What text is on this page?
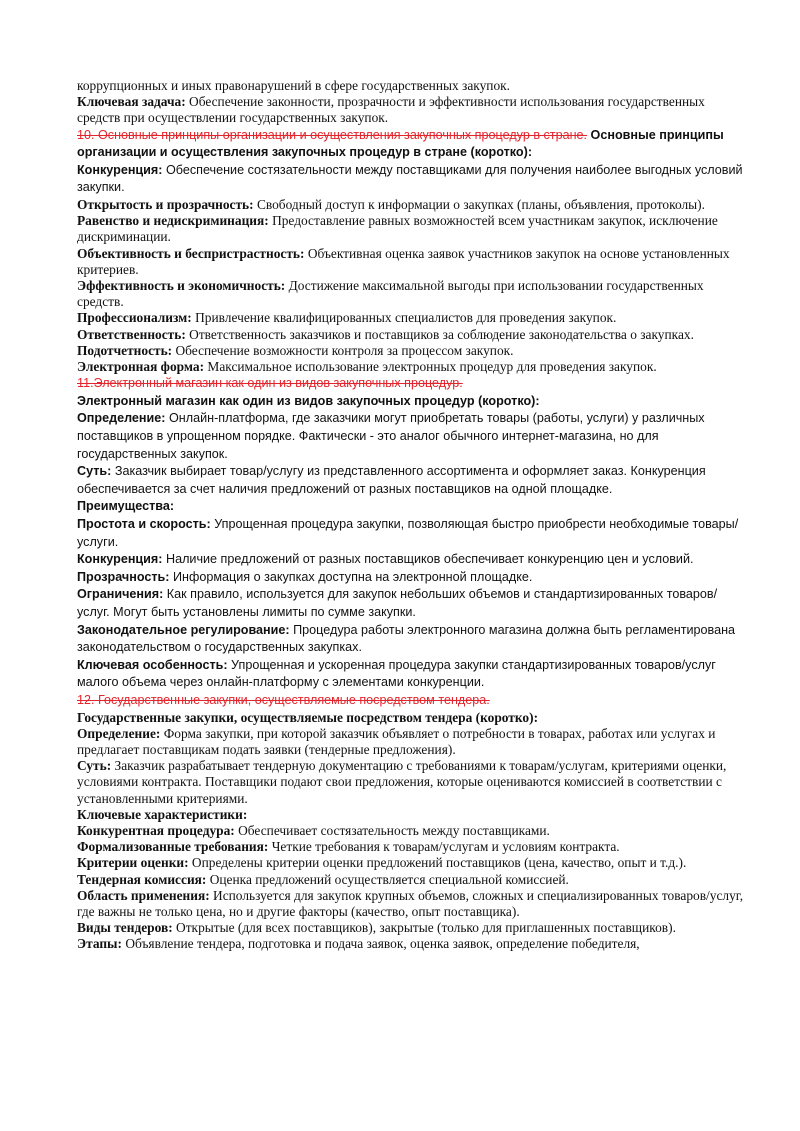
коррупционных и иных правонарушений в сфере государственных закупок.

Ключевая задача: Обеспечение законности, прозрачности и эффективности использования государственных средств при осуществлении государственных закупок.

10. Основные принципы организации и осуществления закупочных процедур в стране. Основные принципы организации и осуществления закупочных процедур в стране (коротко):

Конкуренция: Обеспечение состязательности между поставщиками для получения наиболее выгодных условий закупки.

Открытость и прозрачность: Свободный доступ к информации о закупках (планы, объявления, протоколы).

Равенство и недискриминация: Предоставление равных возможностей всем участникам закупок, исключение дискриминации.

Объективность и беспристрастность: Объективная оценка заявок участников закупок на основе установленных критериев.

Эффективность и экономичность: Достижение максимальной выгоды при использовании государственных средств.

Профессионализм: Привлечение квалифицированных специалистов для проведения закупок.

Ответственность: Ответственность заказчиков и поставщиков за соблюдение законодательства о закупках.

Подотчетность: Обеспечение возможности контроля за процессом закупок.

Электронная форма: Максимальное использование электронных процедур для проведения закупок.

11.Электронный магазин как один из видов закупочных процедур.

Электронный магазин как один из видов закупочных процедур (коротко):

Определение: Онлайн-платформа, где заказчики могут приобретать товары (работы, услуги) у различных поставщиков в упрощенном порядке. Фактически - это аналог обычного интернет-магазина, но для государственных закупок.

Суть: Заказчик выбирает товар/услугу из представленного ассортимента и оформляет заказ. Конкуренция обеспечивается за счет наличия предложений от разных поставщиков на одной площадке.

Преимущества:

Простота и скорость: Упрощенная процедура закупки, позволяющая быстро приобрести необходимые товары/услуги.

Конкуренция: Наличие предложений от разных поставщиков обеспечивает конкуренцию цен и условий.

Прозрачность: Информация о закупках доступна на электронной площадке.

Ограничения: Как правило, используется для закупок небольших объемов и стандартизированных товаров/услуг. Могут быть установлены лимиты по сумме закупки.

Законодательное регулирование: Процедура работы электронного магазина должна быть регламентирована законодательством о государственных закупках.

Ключевая особенность: Упрощенная и ускоренная процедура закупки стандартизированных товаров/услуг малого объема через онлайн-платформу с элементами конкуренции.

12. Государственные закупки, осуществляемые посредством тендера.

Государственные закупки, осуществляемые посредством тендера (коротко):

Определение: Форма закупки, при которой заказчик объявляет о потребности в товарах, работах или услугах и предлагает поставщикам подать заявки (тендерные предложения).

Суть: Заказчик разрабатывает тендерную документацию с требованиями к товарам/услугам, критериями оценки, условиями контракта. Поставщики подают свои предложения, которые оцениваются комиссией в соответствии с установленными критериями.

Ключевые характеристики:

Конкурентная процедура: Обеспечивает состязательность между поставщиками.

Формализованные требования: Четкие требования к товарам/услугам и условиям контракта.

Критерии оценки: Определены критерии оценки предложений поставщиков (цена, качество, опыт и т.д.).

Тендерная комиссия: Оценка предложений осуществляется специальной комиссией.

Область применения: Используется для закупок крупных объемов, сложных и специализированных товаров/услуг, где важны не только цена, но и другие факторы (качество, опыт поставщика).

Виды тендеров: Открытые (для всех поставщиков), закрытые (только для приглашенных поставщиков).

Этапы: Объявление тендера, подготовка и подача заявок, оценка заявок, определение победителя,
